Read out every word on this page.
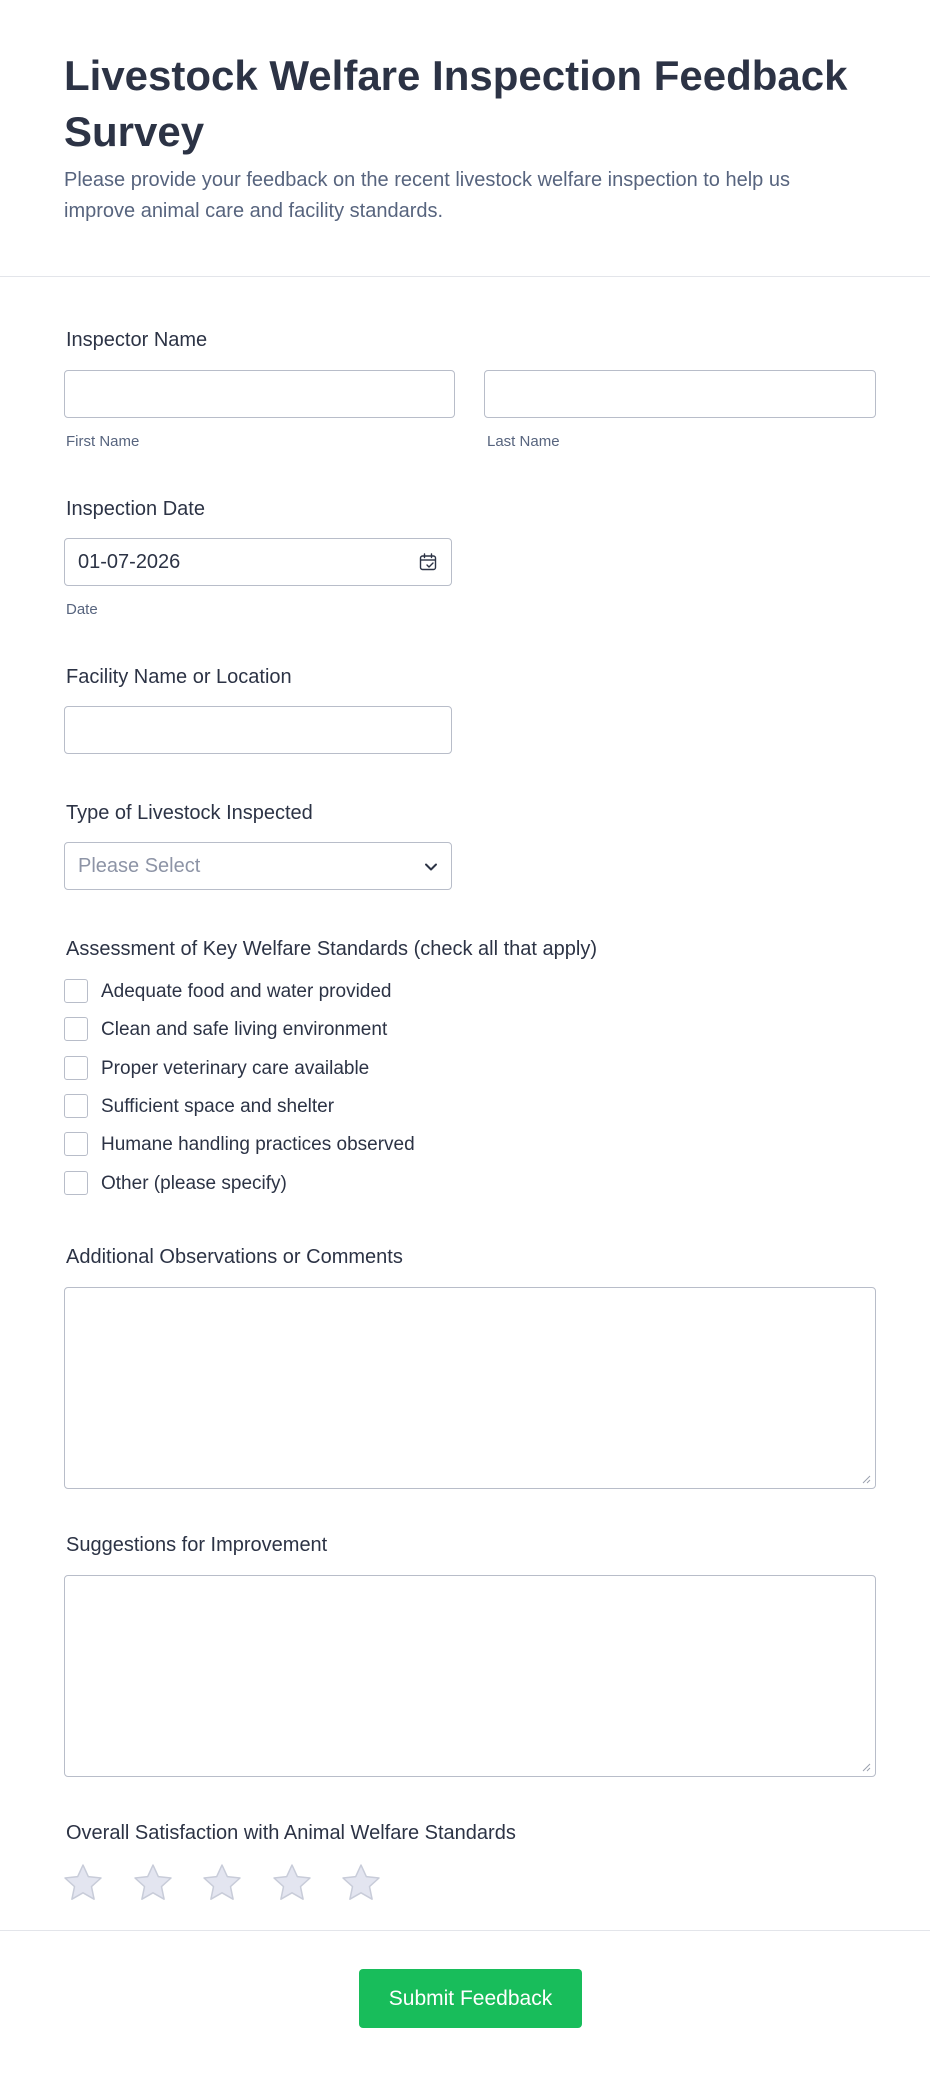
Livestock Welfare Inspection Feedback Survey

Please provide your feedback on the recent livestock welfare inspection to help us improve animal care and facility standards.

Inspector Name
First Name	Last Name
Inspection Date
01-07-2026
Date
Facility Name or Location
Type of Livestock Inspected
Please Select
Assessment of Key Welfare Standards (check all that apply)
Adequate food and water provided
Clean and safe living environment
Proper veterinary care available
Sufficient space and shelter
Humane handling practices observed
Other (please specify)
Additional Observations or Comments
Suggestions for Improvement
Overall Satisfaction with Animal Welfare Standards
Submit Feedback
